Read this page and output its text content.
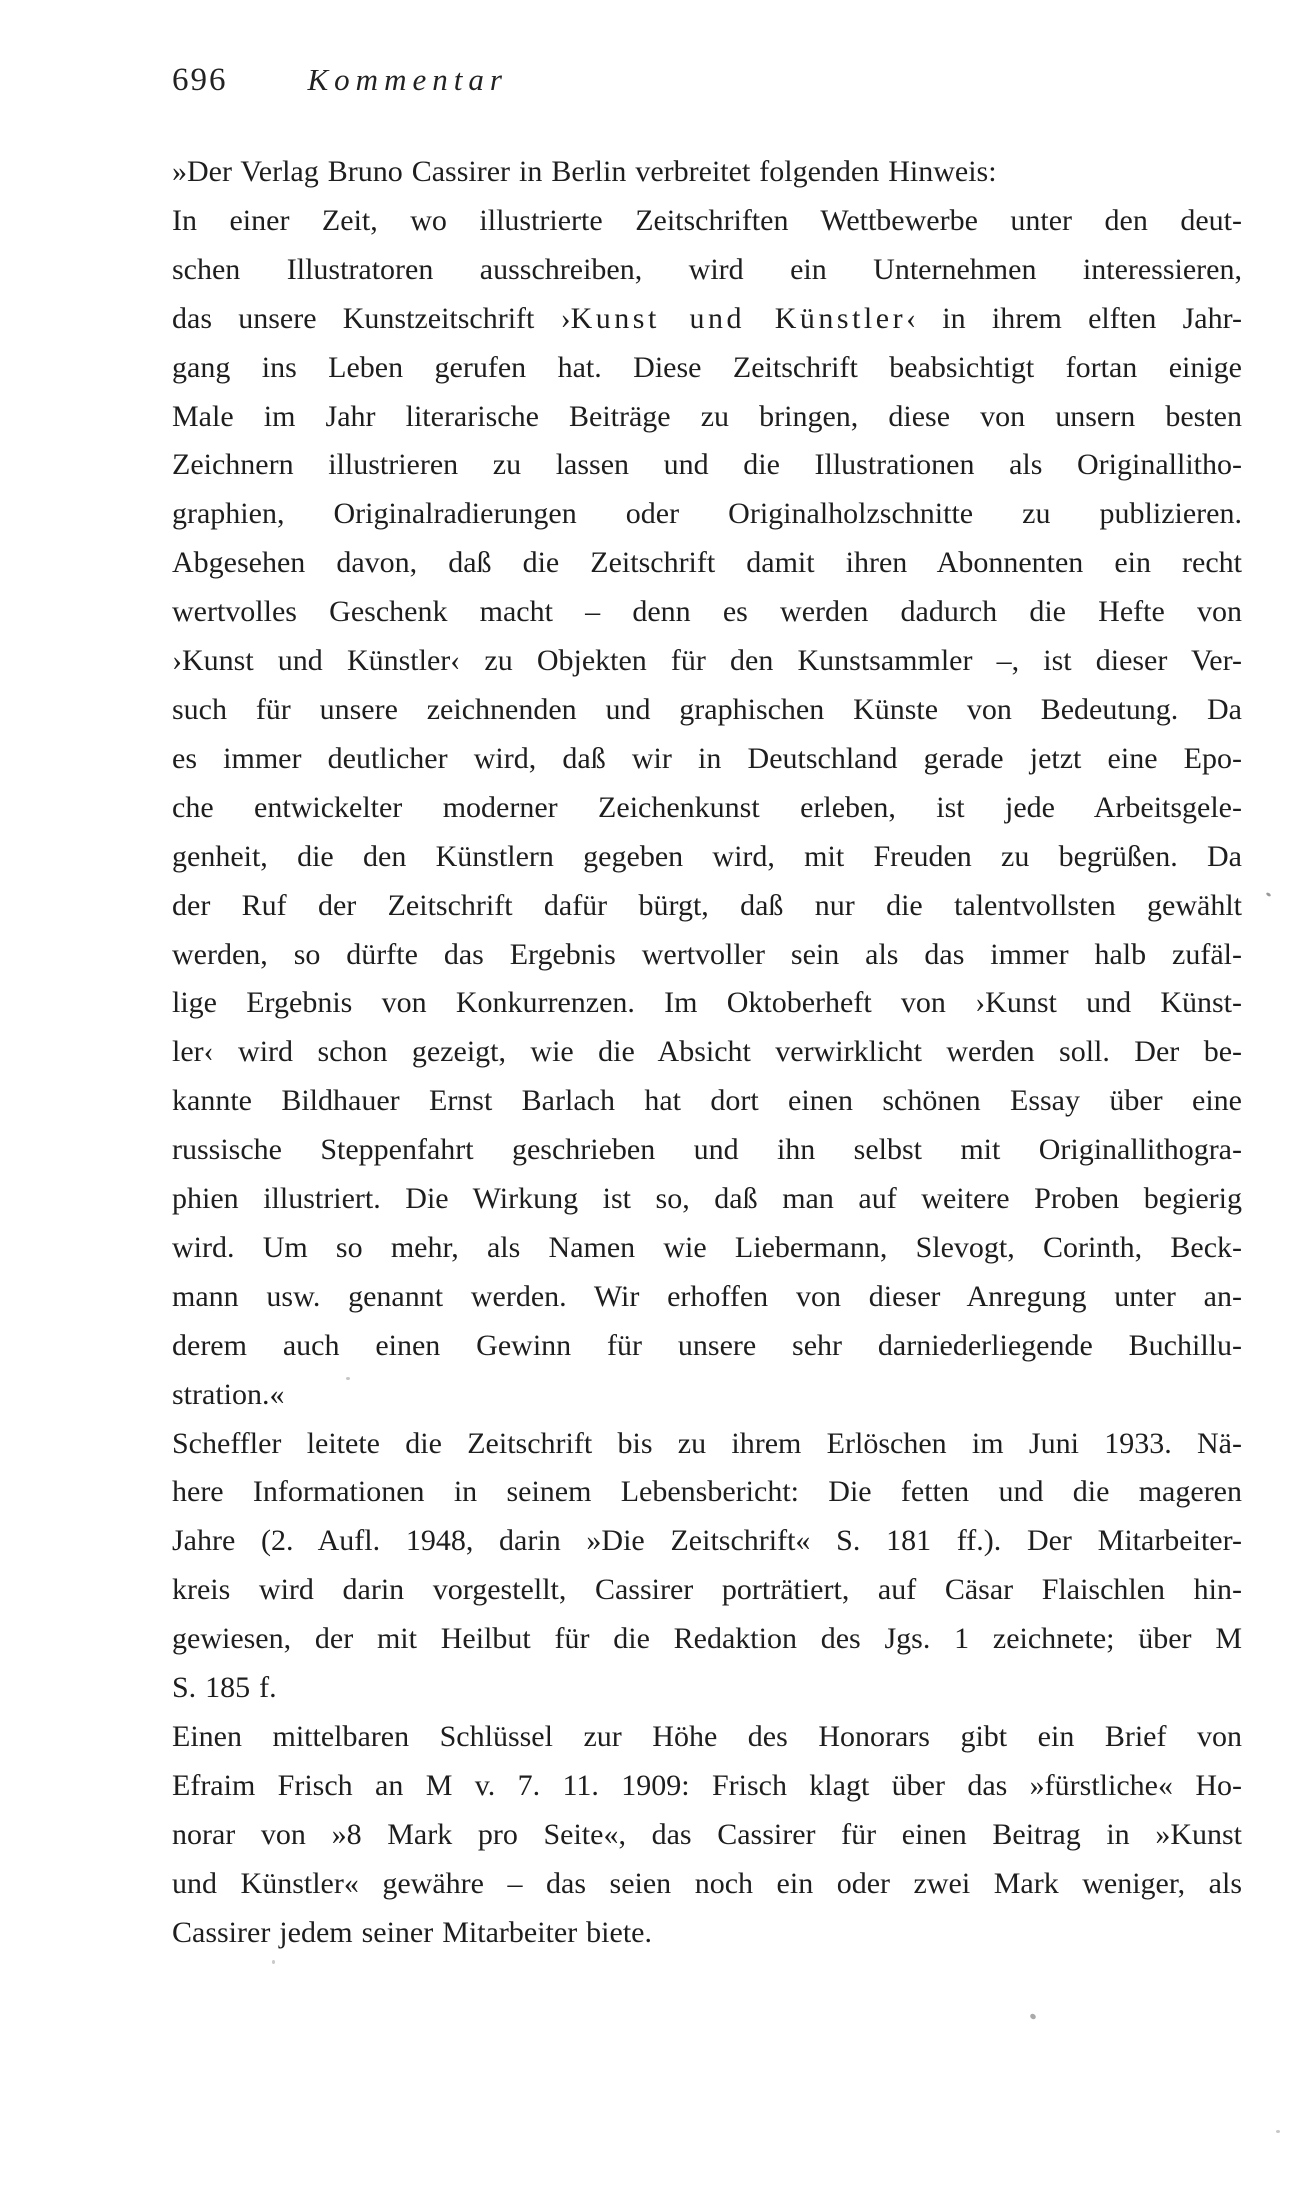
696	Kommentar
»Der Verlag Bruno Cassirer in Berlin verbreitet folgenden Hinweis:
In einer Zeit, wo illustrierte Zeitschriften Wettbewerbe unter den deut-
schen Illustratoren ausschreiben, wird ein Unternehmen interessieren,
das unsere Kunstzeitschrift ›Kunst und Künstler‹ in ihrem elften Jahr-
gang ins Leben gerufen hat. Diese Zeitschrift beabsichtigt fortan einige
Male im Jahr literarische Beiträge zu bringen, diese von unsern besten
Zeichnern illustrieren zu lassen und die Illustrationen als Originallitho-
graphien, Originalradierungen oder Originalholzschnitte zu publizieren.
Abgesehen davon, daß die Zeitschrift damit ihren Abonnenten ein recht
wertvolles Geschenk macht – denn es werden dadurch die Hefte von
›Kunst und Künstler‹ zu Objekten für den Kunstsammler –, ist dieser Ver-
such für unsere zeichnenden und graphischen Künste von Bedeutung. Da
es immer deutlicher wird, daß wir in Deutschland gerade jetzt eine Epo-
che entwickelter moderner Zeichenkunst erleben, ist jede Arbeitsgele-
genheit, die den Künstlern gegeben wird, mit Freuden zu begrüßen. Da
der Ruf der Zeitschrift dafür bürgt, daß nur die talentvollsten gewählt
werden, so dürfte das Ergebnis wertvoller sein als das immer halb zufäl-
lige Ergebnis von Konkurrenzen. Im Oktoberheft von ›Kunst und Künst-
ler‹ wird schon gezeigt, wie die Absicht verwirklicht werden soll. Der be-
kannte Bildhauer Ernst Barlach hat dort einen schönen Essay über eine
russische Steppenfahrt geschrieben und ihn selbst mit Originallithogra-
phien illustriert. Die Wirkung ist so, daß man auf weitere Proben begierig
wird. Um so mehr, als Namen wie Liebermann, Slevogt, Corinth, Beck-
mann usw. genannt werden. Wir erhoffen von dieser Anregung unter an-
derem auch einen Gewinn für unsere sehr darniederliegende Buchillu-
stration.«
Scheffler leitete die Zeitschrift bis zu ihrem Erlöschen im Juni 1933. Nä-
here Informationen in seinem Lebensbericht: Die fetten und die mageren
Jahre (2. Aufl. 1948, darin »Die Zeitschrift« S. 181 ff.). Der Mitarbeiter-
kreis wird darin vorgestellt, Cassirer porträtiert, auf Cäsar Flaischlen hin-
gewiesen, der mit Heilbut für die Redaktion des Jgs. 1 zeichnete; über M
S. 185 f.
Einen mittelbaren Schlüssel zur Höhe des Honorars gibt ein Brief von
Efraim Frisch an M v. 7. 11. 1909: Frisch klagt über das »fürstliche« Ho-
norar von »8 Mark pro Seite«, das Cassirer für einen Beitrag in »Kunst
und Künstler« gewähre – das seien noch ein oder zwei Mark weniger, als
Cassirer jedem seiner Mitarbeiter biete.
